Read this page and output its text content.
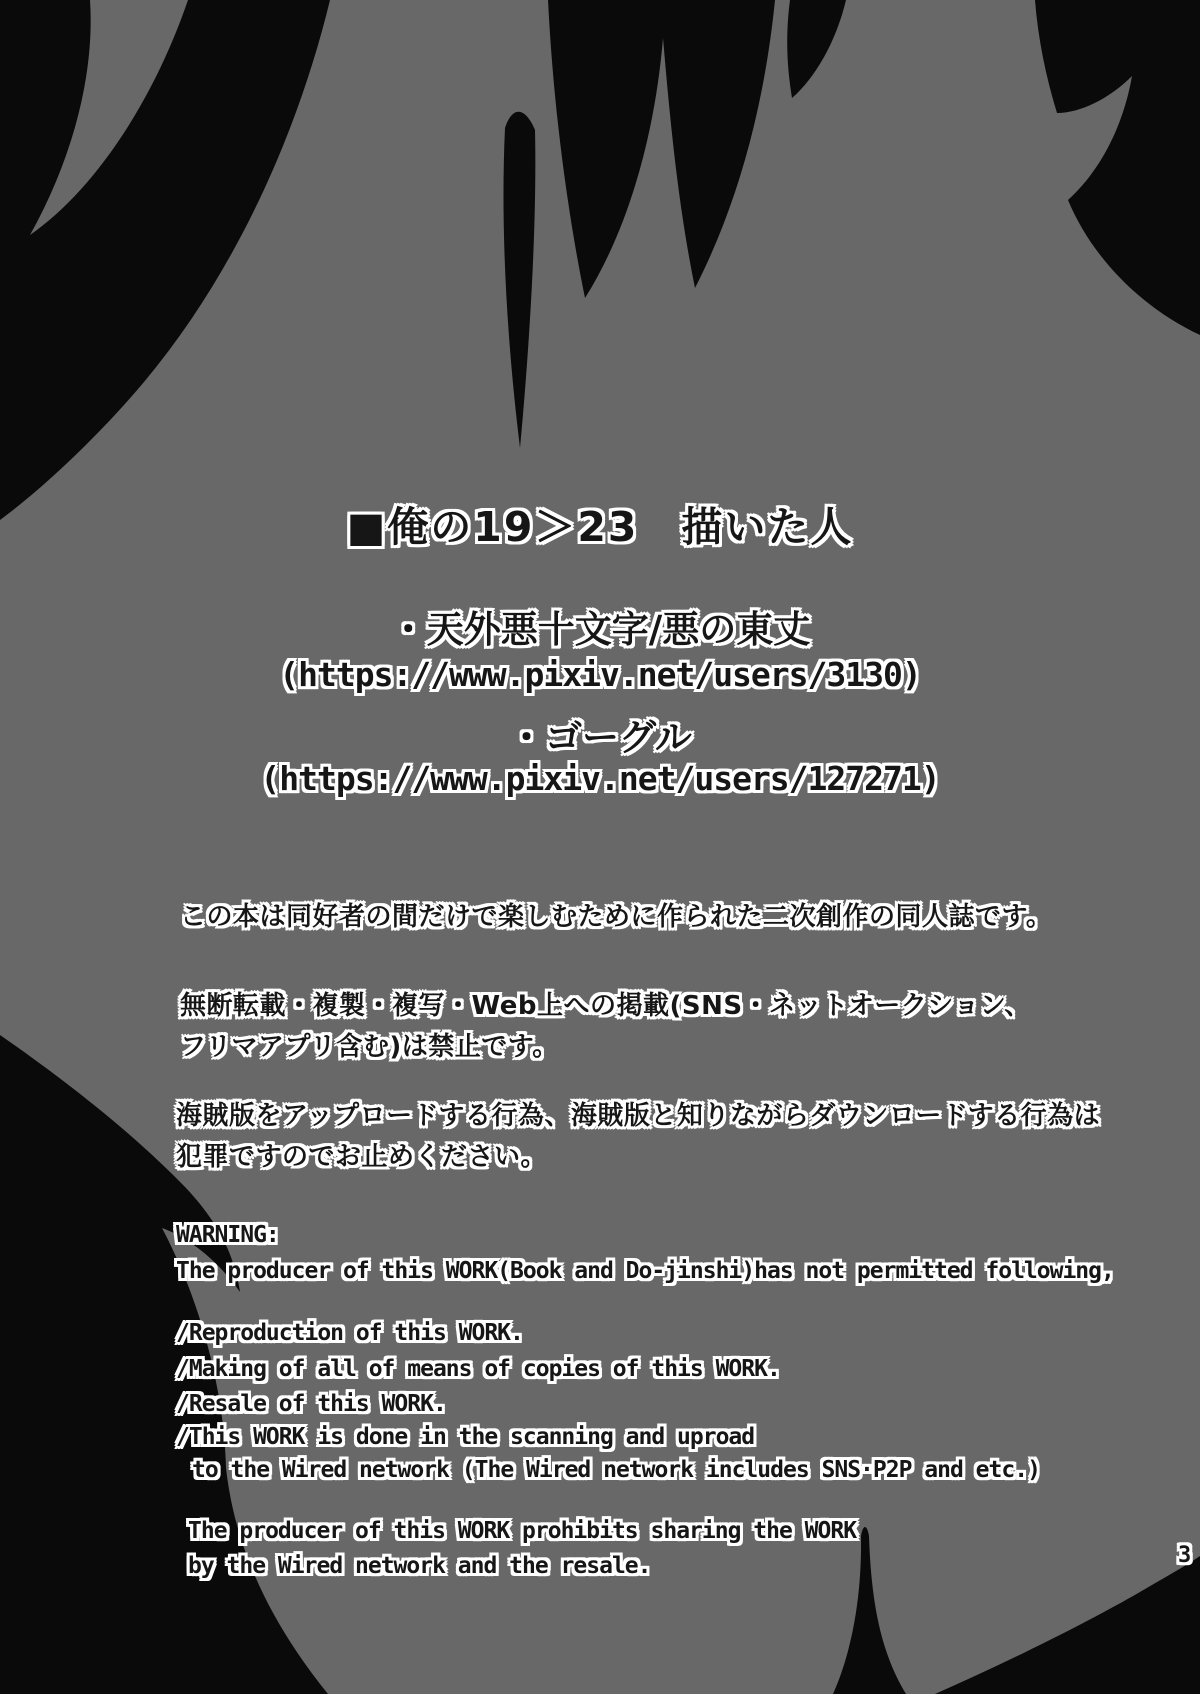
■俺の19＞23　描いた人
・天外悪十文字/悪の東丈
(https://www.pixiv.net/users/3130)
・ゴーグル
(https://www.pixiv.net/users/127271)
この本は同好者の間だけで楽しむために作られた二次創作の同人誌です。
無断転載・複製・複写・Web上への掲載(SNS・ネットオークション、
フリマアプリ含む)は禁止です。
海賊版をアップロードする行為、海賊版と知りながらダウンロードする行為は
犯罪ですのでお止めください。
WARNING:
The producer of this WORK(Book and Do-jinshi)has not permitted following,
/Reproduction of this WORK.
/Making of all of means of copies of this WORK.
/Resale of this WORK.
/This WORK is done in the scanning and uproad
to the Wired network (The Wired network includes SNS·P2P and etc.)
The producer of this WORK prohibits sharing the WORK
by the Wired network and the resale.	3
